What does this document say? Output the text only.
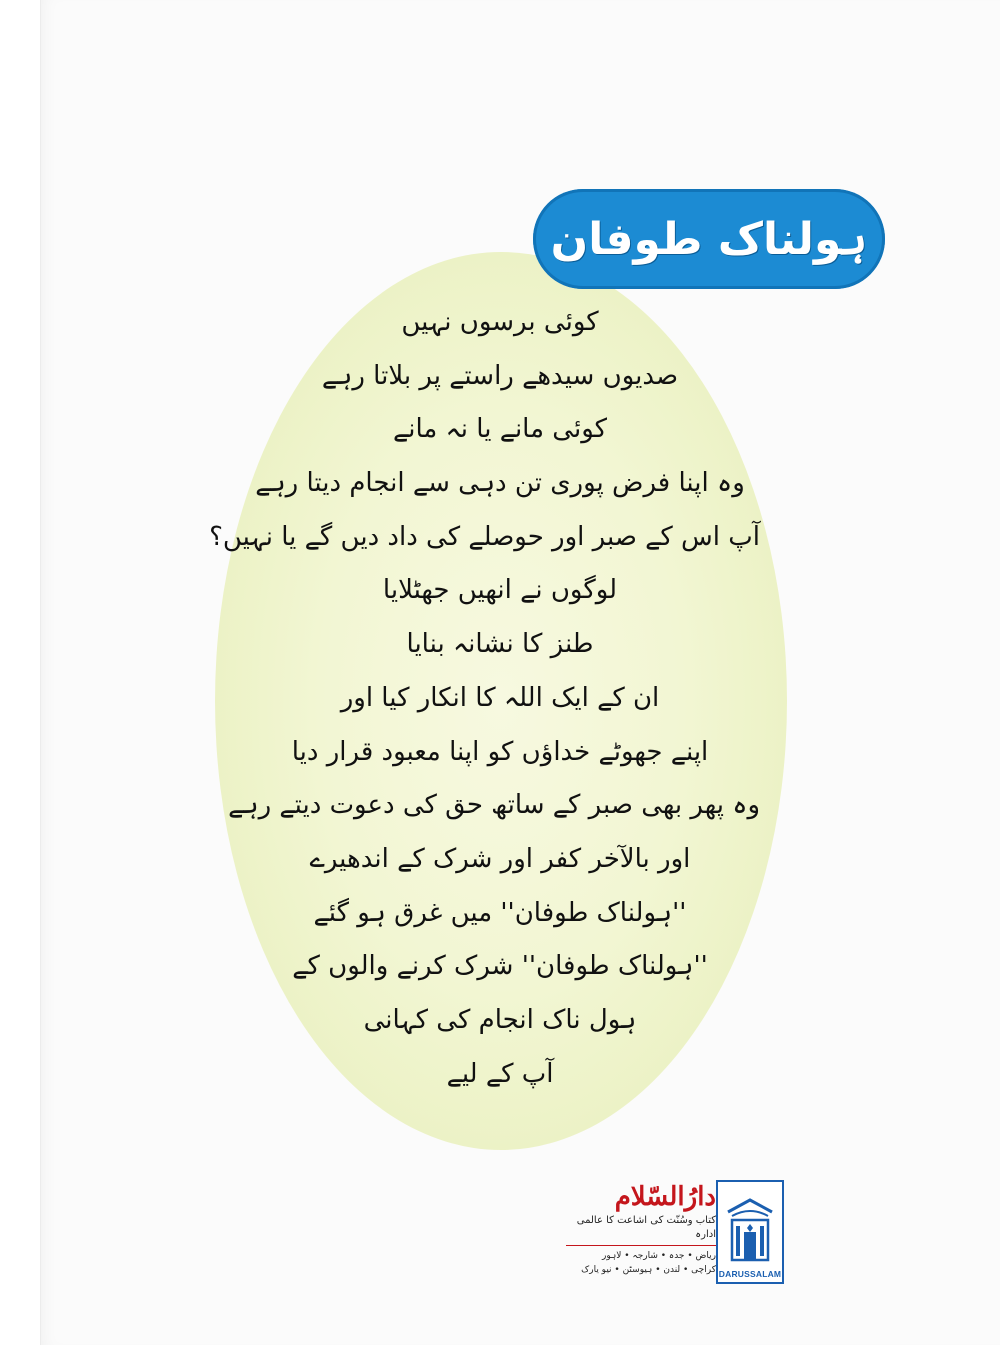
ہولناک طوفان
کوئی برسوں نہیں
صدیوں سیدھے راستے پر بلاتا رہے
کوئی مانے یا نہ مانے
وہ اپنا فرض پوری تن دہی سے انجام دیتا رہے
آپ اس کے صبر اور حوصلے کی داد دیں گے یا نہیں؟
لوگوں نے انھیں جھٹلایا
طنز کا نشانہ بنایا
ان کے ایک اللہ کا انکار کیا اور
اپنے جھوٹے خداؤں کو اپنا معبود قرار دیا
وہ پھر بھی صبر کے ساتھ حق کی دعوت دیتے رہے
اور بالآخر کفر اور شرک کے اندھیرے
''ہولناک طوفان'' میں غرق ہو گئے
''ہولناک طوفان'' شرک کرنے والوں کے
ہول ناک انجام کی کہانی
آپ کے لیے
دارُالسّلام
کتاب وسُنّت کی اشاعت کا عالمی ادارہ
ریاض • جدہ • شارجہ • لاہور
کراچی • لندن • ہیوسٹن • نیو یارک DARUSSALAM
